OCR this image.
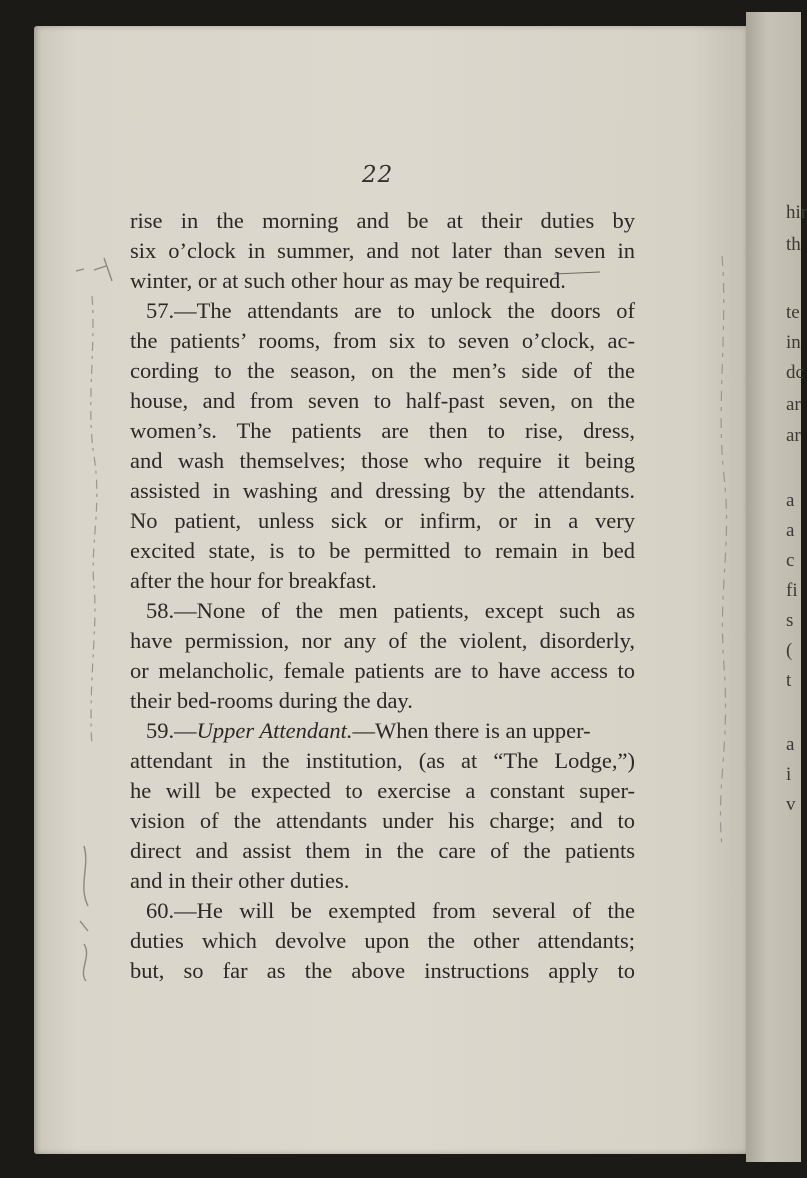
hir
th
te
in
dc
ar
ar
a
a
c
fi
s
(
t
a
i
v
22
rise in the morning and be at their duties by
six o’clock in summer, and not later than seven in
winter, or at such other hour as may be required.
57.—The attendants are to unlock the doors of
the patients’ rooms, from six to seven o’clock, ac-
cording to the season, on the men’s side of the
house, and from seven to half-past seven, on the
women’s. The patients are then to rise, dress,
and wash themselves; those who require it being
assisted in washing and dressing by the attendants.
No patient, unless sick or infirm, or in a very
excited state, is to be permitted to remain in bed
after the hour for breakfast.
58.—None of the men patients, except such as
have permission, nor any of the violent, disorderly,
or melancholic, female patients are to have access to
their bed-rooms during the day.
59.—Upper Attendant.—When there is an upper-
attendant in the institution, (as at “The Lodge,”)
he will be expected to exercise a constant super-
vision of the attendants under his charge; and to
direct and assist them in the care of the patients
and in their other duties.
60.—He will be exempted from several of the
duties which devolve upon the other attendants;
but, so far as the above instructions apply to
